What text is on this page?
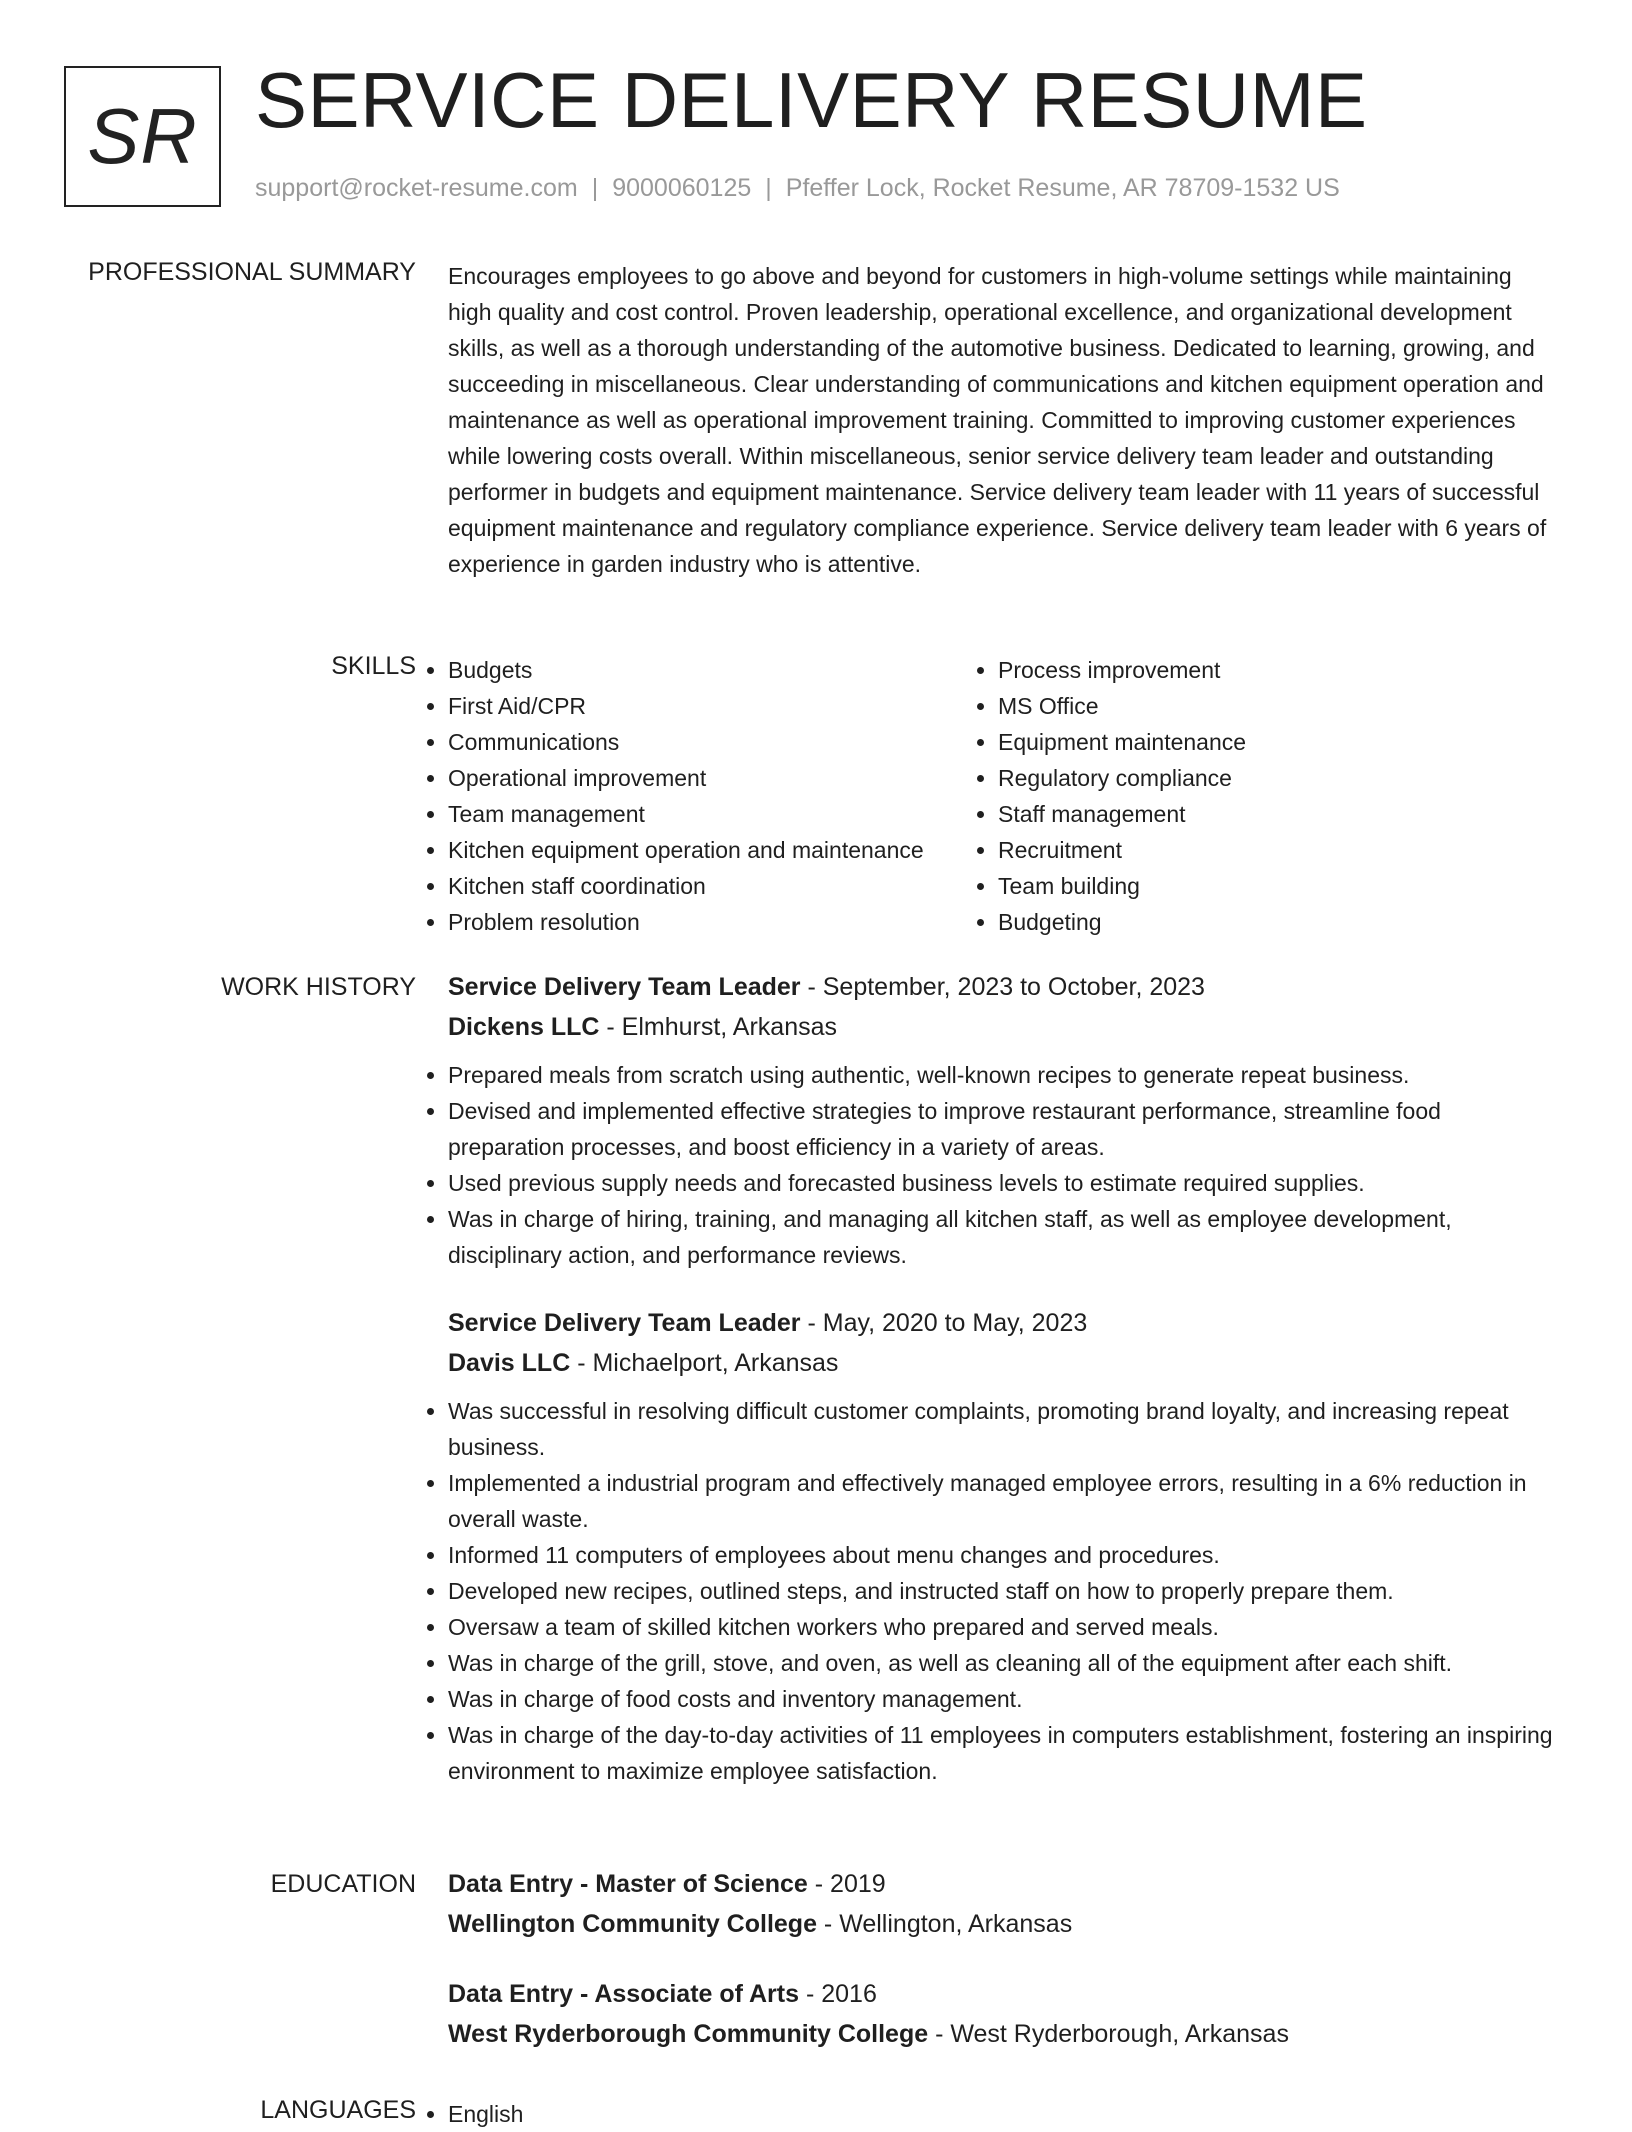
SR SERVICE DELIVERY RESUME
support@rocket-resume.com | 9000060125 | Pfeffer Lock, Rocket Resume, AR 78709-1532 US
PROFESSIONAL SUMMARY Encourages employees to go above and beyond for customers in high-volume settings while maintaining high quality and cost control. Proven leadership, operational excellence, and organizational development skills, as well as a thorough understanding of the automotive business. Dedicated to learning, growing, and succeeding in miscellaneous. Clear understanding of communications and kitchen equipment operation and maintenance as well as operational improvement training. Committed to improving customer experiences while lowering costs overall. Within miscellaneous, senior service delivery team leader and outstanding performer in budgets and equipment maintenance. Service delivery team leader with 11 years of successful equipment maintenance and regulatory compliance experience. Service delivery team leader with 6 years of experience in garden industry who is attentive.

SKILLS • Budgets
• First Aid/CPR
• Communications
• Operational improvement
• Team management
• Kitchen equipment operation and maintenance
• Kitchen staff coordination
• Problem resolution
• Process improvement
• MS Office
• Equipment maintenance
• Regulatory compliance
• Staff management
• Recruitment
• Team building
• Budgeting
WORK HISTORY Service Delivery Team Leader - September, 2023 to October, 2023
Dickens LLC - Elmhurst, Arkansas
• Prepared meals from scratch using authentic, well-known recipes to generate repeat business.
• Devised and implemented effective strategies to improve restaurant performance, streamline food preparation processes, and boost efficiency in a variety of areas.
• Used previous supply needs and forecasted business levels to estimate required supplies.
• Was in charge of hiring, training, and managing all kitchen staff, as well as employee development, disciplinary action, and performance reviews.
Service Delivery Team Leader - May, 2020 to May, 2023
Davis LLC - Michaelport, Arkansas
• Was successful in resolving difficult customer complaints, promoting brand loyalty, and increasing repeat business.
• Implemented a industrial program and effectively managed employee errors, resulting in a 6% reduction in overall waste.
• Informed 11 computers of employees about menu changes and procedures.
• Developed new recipes, outlined steps, and instructed staff on how to properly prepare them.
• Oversaw a team of skilled kitchen workers who prepared and served meals.
• Was in charge of the grill, stove, and oven, as well as cleaning all of the equipment after each shift.
• Was in charge of food costs and inventory management.
• Was in charge of the day-to-day activities of 11 employees in computers establishment, fostering an inspiring environment to maximize employee satisfaction.
EDUCATION Data Entry - Master of Science - 2019
Wellington Community College - Wellington, Arkansas
Data Entry - Associate of Arts - 2016
West Ryderborough Community College - West Ryderborough, Arkansas
LANGUAGES • English
